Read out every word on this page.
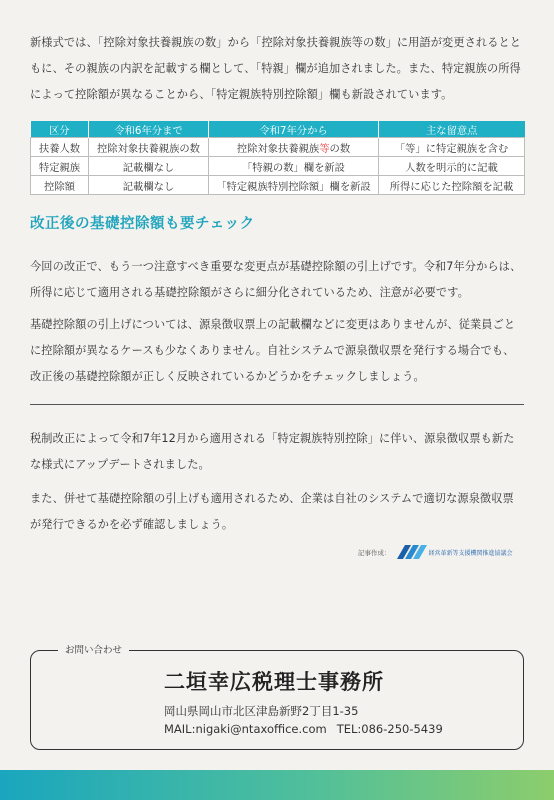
新様式では、「控除対象扶養親族の数」から「控除対象扶養親族等の数」に用語が変更されるとともに、その親族の内訳を記載する欄として、「特親」欄が追加されました。また、特定親族の所得によって控除額が異なることから、「特定親族特別控除額」欄も新設されています。

区分	令和6年分まで	令和7年分から	主な留意点
扶養人数	控除対象扶養親族の数	控除対象扶養親族等の数	「等」に特定親族を含む
特定親族	記載欄なし	「特親の数」欄を新設	人数を明示的に記載
控除額	記載欄なし	「特定親族特別控除額」欄を新設	所得に応じた控除額を記載
改正後の基礎控除額も要チェック

今回の改正で、もう一つ注意すべき重要な変更点が基礎控除額の引上げです。令和7年分からは、所得に応じて適用される基礎控除額がさらに細分化されているため、注意が必要です。

基礎控除額の引上げについては、源泉徴収票上の記載欄などに変更はありませんが、従業員ごとに控除額が異なるケースも少なくありません。自社システムで源泉徴収票を発行する場合でも、改正後の基礎控除額が正しく反映されているかどうかをチェックしましょう。

税制改正によって令和7年12月から適用される「特定親族特別控除」に伴い、源泉徴収票も新たな様式にアップデートされました。

また、併せて基礎控除額の引上げも適用されるため、企業は自社のシステムで適切な源泉徴収票が発行できるかを必ず確認しましょう。

記事作成：	経営革新等支援機関推進協議会
お問い合わせ
二垣幸広税理士事務所
岡山県岡山市北区津島新野2丁目1-35
MAIL:nigaki@ntaxoffice.com TEL:086-250-5439
